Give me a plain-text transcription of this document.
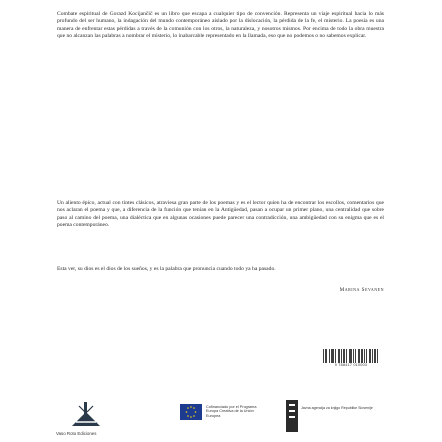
Combate espiritual de Gorazd Kocijančič es un libro que escapa a cualquier tipo de convención. Representa un viaje espiritual hacia lo más profundo del ser humano, la indagación del mundo contemporáneo aislado por la dislocación, la pérdida de la fe, el misterio. La poesía es una manera de enfrentar estas pérdidas a través de la comunión con los otros, la naturaleza, y nosotros mismos. Por encima de todo la obra muestra que no alcanzan las palabras a nombrar el misterio, lo inabarcable representado en la llamada, eso que no podemos o no sabemos explicar.

Un aliento épico, actual con tintes clásicos, atraviesa gran parte de los poemas y es el lector quien ha de encontrar los escollos, comentarios que nos aclaran el poema y que, a diferencia de la función que tenían en la Antigüedad, pasan a ocupar un primer plano, una centralidad que sobre paso al camino del poema, una dialéctica que en algunas ocasiones puede parecer una contradicción, una ambigüedad con su enigma que es el poema contemporáneo.

Esta ver, su dios es el dios de los sueños, y es la palabra que pronuncia cuando todo ya ha pasado.

Marina Sevanen
9 788417 010003
Vaso Roto Ediciones
Cofinanciado por el Programa Europa Creativa de la Unión Europea
Javna agencija za knjigo Republike Slovenije
